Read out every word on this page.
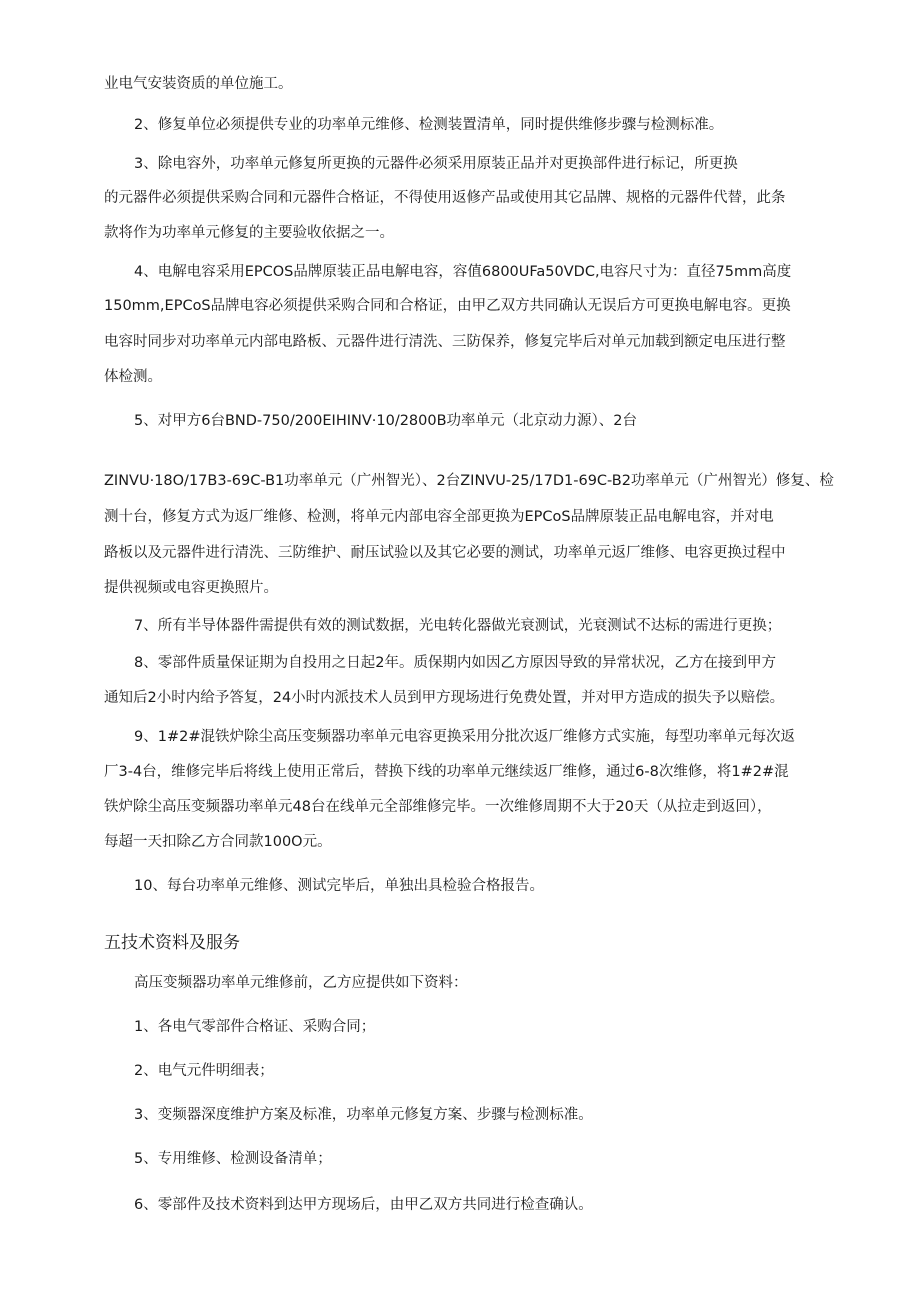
业电气安装资质的单位施工。

2、修复单位必须提供专业的功率单元维修、检测装置清单，同时提供维修步骤与检测标准。

3、除电容外，功率单元修复所更换的元器件必须采用原装正品并对更换部件进行标记，所更换

的元器件必须提供采购合同和元器件合格证，不得使用返修产品或使用其它品牌、规格的元器件代替，此条

款将作为功率单元修复的主要验收依据之一。

4、电解电容采用EPCOS品牌原装正品电解电容，容值6800UFa50VDC,电容尺寸为：直径75mm高度

150mm,EPCoS品牌电容必须提供采购合同和合格证，由甲乙双方共同确认无误后方可更换电解电容。更换

电容时同步对功率单元内部电路板、元器件进行清洗、三防保养，修复完毕后对单元加载到额定电压进行整

体检测。

5、对甲方6台BND-750/200EIHINV·10/2800B功率单元（北京动力源）、2台

ZINVU·18O/17B3-69C-B1功率单元（广州智光）、2台ZINVU-25/17D1-69C-B2功率单元（广州智光）修复、检

测十台，修复方式为返厂维修、检测，将单元内部电容全部更换为EPCoS品牌原装正品电解电容，并对电

路板以及元器件进行清洗、三防维护、耐压试验以及其它必要的测试，功率单元返厂维修、电容更换过程中

提供视频或电容更换照片。

7、所有半导体器件需提供有效的测试数据，光电转化器做光衰测试，光衰测试不达标的需进行更换；

8、零部件质量保证期为自投用之日起2年。质保期内如因乙方原因导致的异常状况，乙方在接到甲方

通知后2小时内给予答复，24小时内派技术人员到甲方现场进行免费处置，并对甲方造成的损失予以赔偿。

9、1#2#混铁炉除尘高压变频器功率单元电容更换采用分批次返厂维修方式实施，每型功率单元每次返

厂3-4台，维修完毕后将线上使用正常后，替换下线的功率单元继续返厂维修，通过6-8次维修，将1#2#混

铁炉除尘高压变频器功率单元48台在线单元全部维修完毕。一次维修周期不大于20天（从拉走到返回），

每超一天扣除乙方合同款100O元。

10、每台功率单元维修、测试完毕后，单独出具检验合格报告。

五技术资料及服务

高压变频器功率单元维修前，乙方应提供如下资料：

1、各电气零部件合格证、采购合同；

2、电气元件明细表；

3、变频器深度维护方案及标准，功率单元修复方案、步骤与检测标准。

5、专用维修、检测设备清单；

6、零部件及技术资料到达甲方现场后，由甲乙双方共同进行检查确认。
